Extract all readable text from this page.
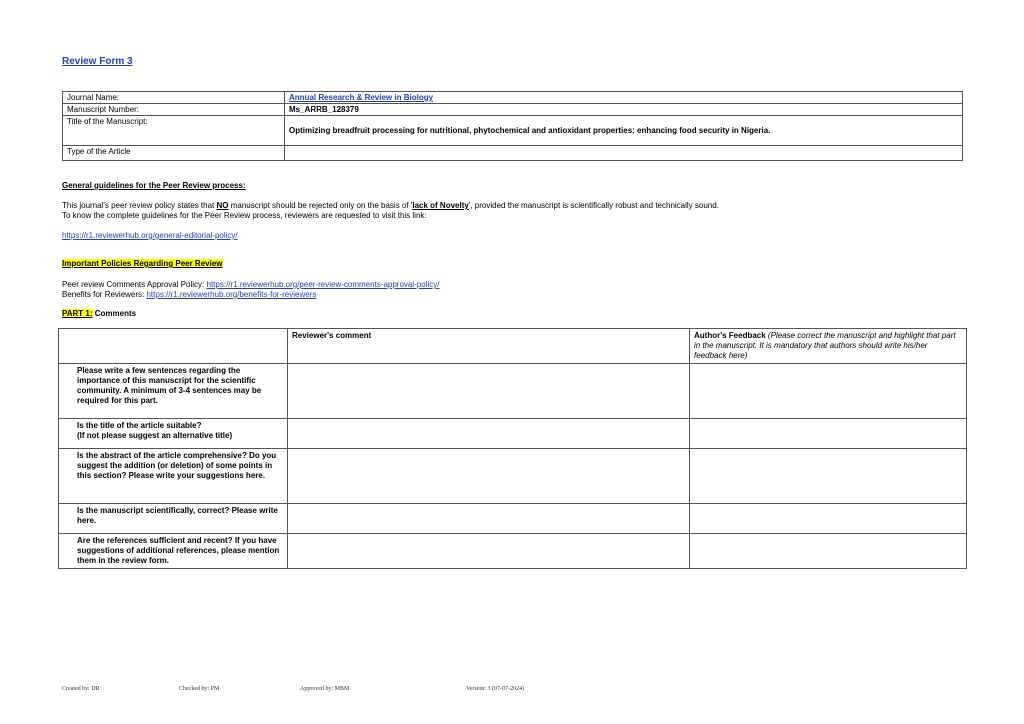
Review Form 3
Journal Name:	Annual Research & Review in Biology
Manuscript Number:	Ms_ARRB_128379
Title of the Manuscript:	Optimizing breadfruit processing for nutritional, phytochemical and antioxidant properties: enhancing food security in Nigeria.
Type of the Article	
General guidelines for the Peer Review process:
This journal's peer review policy states that NO manuscript should be rejected only on the basis of 'lack of Novelty', provided the manuscript is scientifically robust and technically sound.
To know the complete guidelines for the Peer Review process, reviewers are requested to visit this link:
https://r1.reviewerhub.org/general-editorial-policy/
Important Policies Regarding Peer Review
Peer review Comments Approval Policy: https://r1.reviewerhub.org/peer-review-comments-approval-policy/
Benefits for Reviewers: https://r1.reviewerhub.org/benefits-for-reviewers
PART 1: Comments
	Reviewer's comment	Author's Feedback (Please correct the manuscript and highlight that part in the manuscript. It is mandatory that authors should write his/her feedback here)
Please write a few sentences regarding the importance of this manuscript for the scientific community. A minimum of 3-4 sentences may be required for this part.		
Is the title of the article suitable?
(If not please suggest an alternative title)		
Is the abstract of the article comprehensive? Do you suggest the addition (or deletion) of some points in this section? Please write your suggestions here.		
Is the manuscript scientifically, correct? Please write here.		
Are the references sufficient and recent? If you have suggestions of additional references, please mention them in the review form.		
Created by: DR	Checked by: PM	Approved by: MBM	Version: 3 (07-07-2024)
